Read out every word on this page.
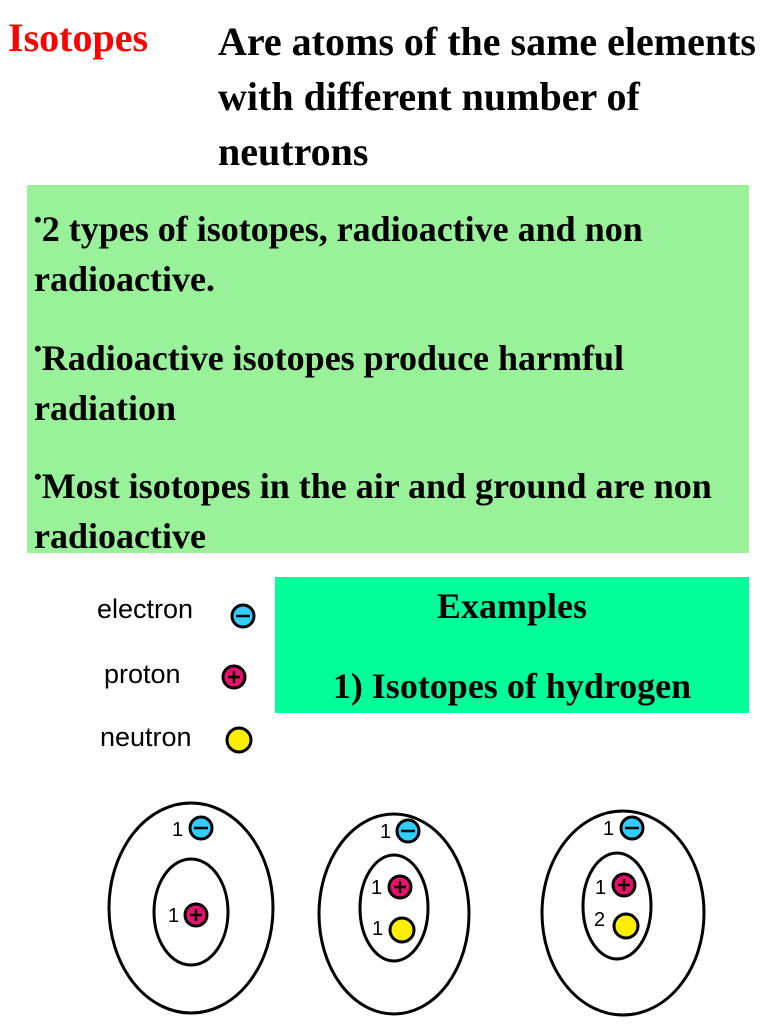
Isotopes Are atoms of the same elements with different number of neutrons
•2 types of isotopes, radioactive and non radioactive.
•Radioactive isotopes produce harmful radiation
•Most isotopes in the air and ground are non radioactive
electron
proton
neutron
1
1
1
1
1
1
1
2
Examples
1) Isotopes of hydrogen
